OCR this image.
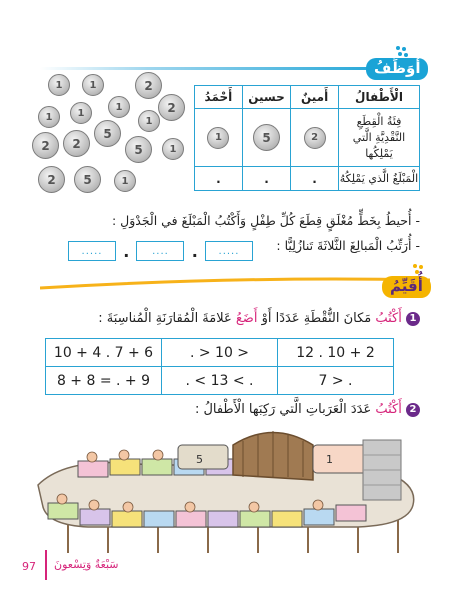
أُوَظِّفُ
1	1	2
1	1
1	2
1
2	2
5
5	1
2	5	1
الْأَطْفالُ	أَمينٌ	حسين	أَحْمَدُ
فِئَةُ الْقِطَعِ النَّقْدِيَّةِ الَّتي يَمْلِكُها	2	5	1
الْمَبْلَغُ الَّذي يَمْلِكُهُ	.	.	.
- أُحيطُ بِخَطٍّ مُغْلَقٍ قِطَعَ كُلِّ طِفْلٍ وَأَكْتُبُ الْمَبْلَغَ في الْجَدْوَلِ :
- أُرَتِّبُ الْمَبالِغَ الثَّلاثَةَ تَنازُلِيًّا :
.....	.	....	.	.....
أُقَيِّمُ
1 أَكْتُبُ مَكانَ النُّقْطَةِ عَدَدًا أَوْ أَضَعُ عَلامَةَ الْمُقارَنَةِ الْمُناسِبَةَ :
10 + 4 . 7 + 6	. > 10 >	12 . 10 + 2
8 + 8 = . + 9	. < 13 < .	7 > .
2 أَكْتُبُ عَدَدَ الْعَرَباتِ الَّتي رَكِبَها الْأَطْفالُ :
5	1
97 سَبْعَةٌ وَتِسْعونَ
